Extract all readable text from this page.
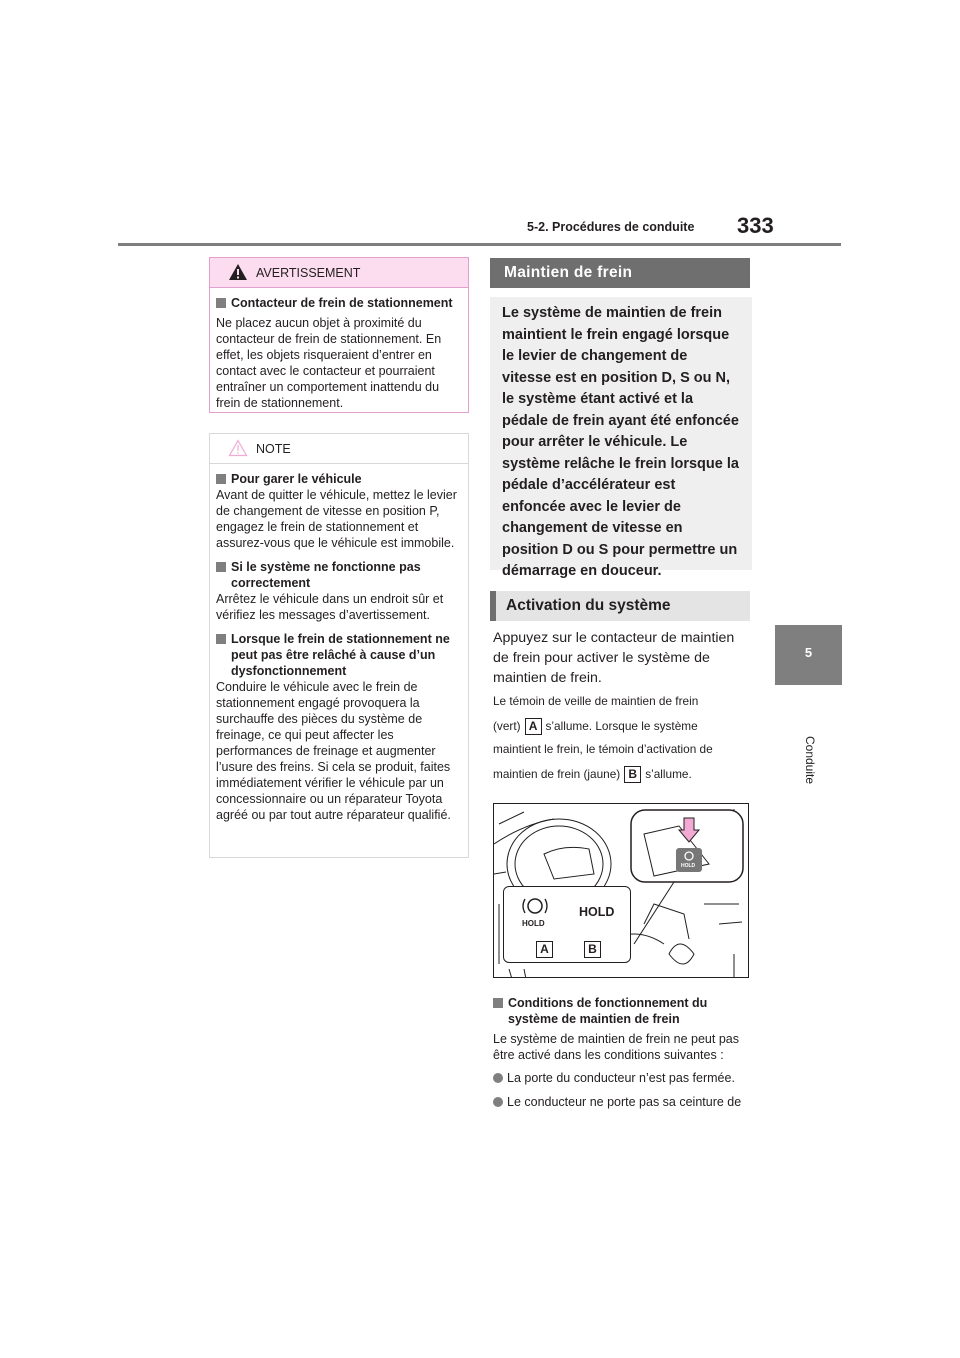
5-2. Procédures de conduite 333
5
Conduite
AVERTISSEMENT
Contacteur de frein de stationnement
Ne placez aucun objet à proximité du contacteur de frein de stationnement. En effet, les objets risqueraient d’entrer en contact avec le contacteur et pourraient entraîner un comportement inattendu du frein de stationnement.
NOTE
Pour garer le véhicule
Avant de quitter le véhicule, mettez le levier de changement de vitesse en position P, engagez le frein de stationnement et assurez-vous que le véhicule est immobile.
Si le système ne fonctionne pas correctement
Arrêtez le véhicule dans un endroit sûr et vérifiez les messages d’avertissement.
Lorsque le frein de stationnement ne peut pas être relâché à cause d’un dysfonctionnement
Conduire le véhicule avec le frein de stationnement engagé provoquera la surchauffe des pièces du système de freinage, ce qui peut affecter les performances de freinage et augmenter l’usure des freins. Si cela se produit, faites immédiatement vérifier le véhicule par un concessionnaire ou un réparateur Toyota agréé ou par tout autre réparateur qualifié.
Maintien de frein
Le système de maintien de frein maintient le frein engagé lorsque le levier de changement de vitesse est en position D, S ou N, le système étant activé et la pédale de frein ayant été enfoncée pour arrêter le véhicule. Le système relâche le frein lorsque la pédale d’accélérateur est enfoncée avec le levier de changement de vitesse en position D ou S pour permettre un démarrage en douceur.
Activation du système
Appuyez sur le contacteur de maintien de frein pour activer le système de maintien de frein.
Le témoin de veille de maintien de frein
(vert) A s’allume. Lorsque le système
maintient le frein, le témoin d’activation de
maintien de frein (jaune) B s’allume.
HOLD
HOLD
HOLD
A	B
Conditions de fonctionnement du système de maintien de frein
Le système de maintien de frein ne peut pas être activé dans les conditions suivantes :
La porte du conducteur n’est pas fermée.
Le conducteur ne porte pas sa ceinture de
